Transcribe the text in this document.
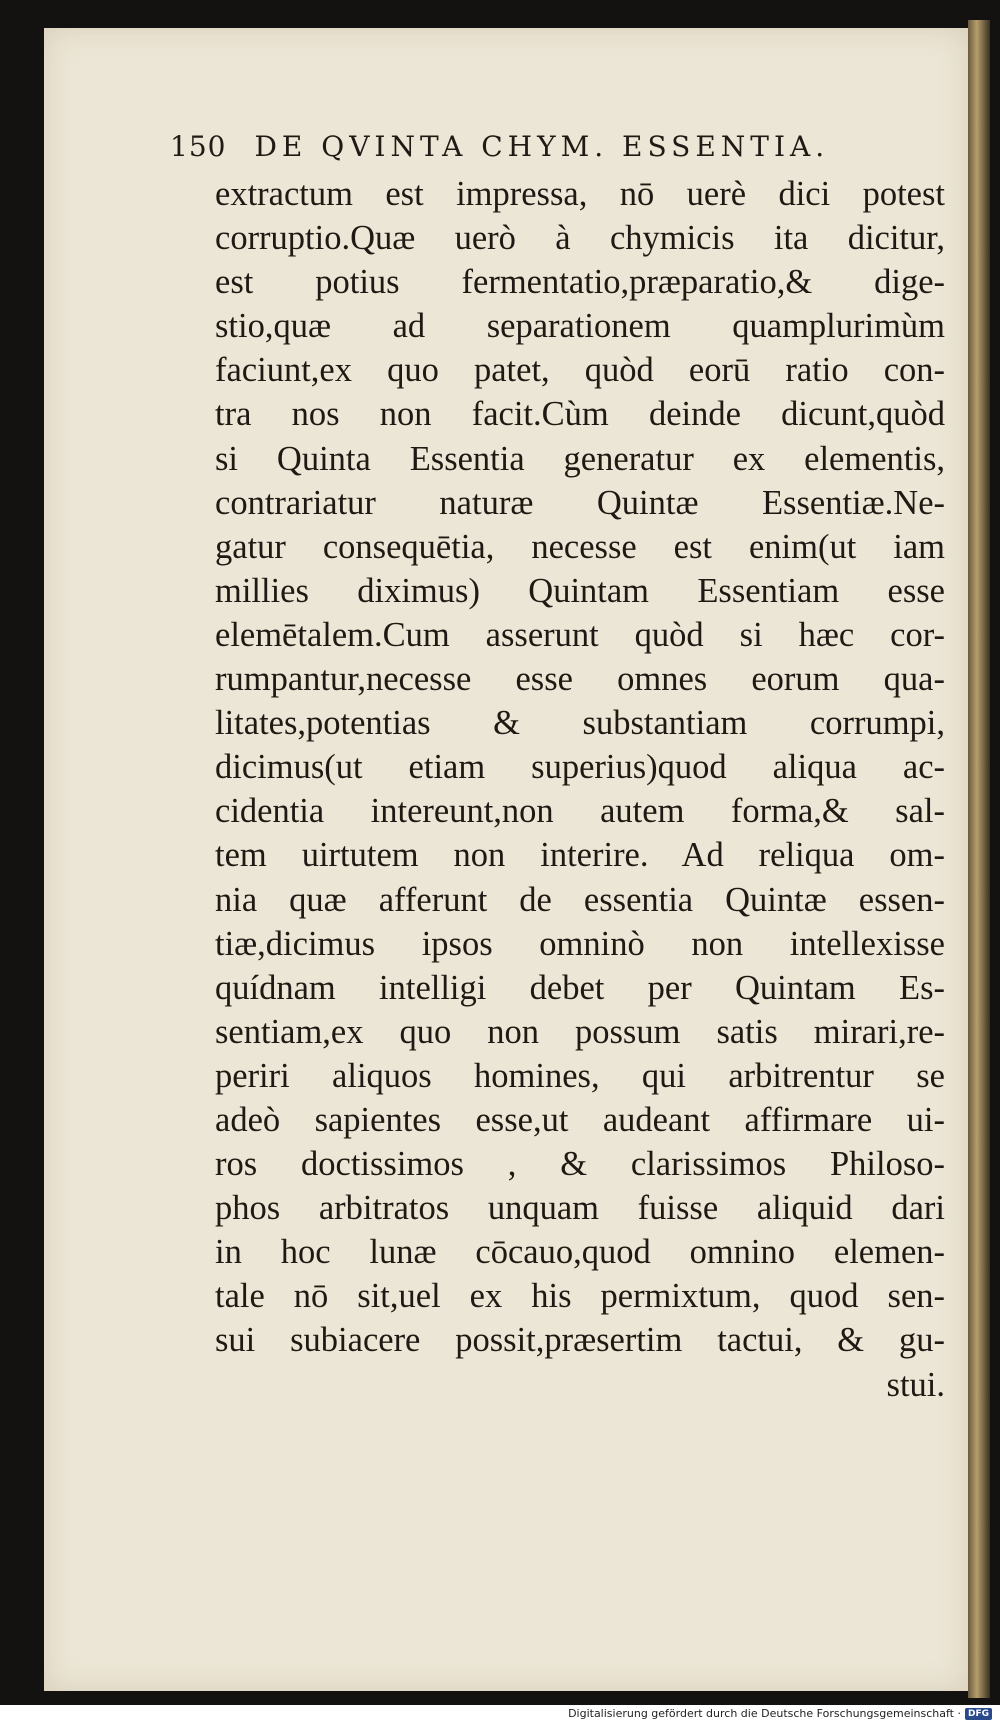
150 DE QVINTA CHYM. ESSENTIA.
extractum est impressa, nō uerè dici potest
corruptio.Quæ uerò à chymicis ita dicitur,
est potius fermentatio,præparatio,& dige-
stio,quæ ad separationem quamplurimùm
faciunt,ex quo patet, quòd eorū ratio con-
tra nos non facit.Cùm deinde dicunt,quòd
si Quinta Essentia generatur ex elementis,
contrariatur naturæ Quintæ Essentiæ.Ne-
gatur consequētia, necesse est enim(ut iam
millies diximus) Quintam Essentiam esse
elemētalem.Cum asserunt quòd si hæc cor-
rumpantur,necesse esse omnes eorum qua-
litates,potentias & substantiam corrumpi,
dicimus(ut etiam superius)quod aliqua ac-
cidentia intereunt,non autem forma,& sal-
tem uirtutem non interire. Ad reliqua om-
nia quæ afferunt de essentia Quintæ essen-
tiæ,dicimus ipsos omninò non intellexisse
quídnam intelligi debet per Quintam Es-
sentiam,ex quo non possum satis mirari,re-
periri aliquos homines, qui arbitrentur se
adeò sapientes esse,ut audeant affirmare ui-
ros doctissimos , & clarissimos Philoso-
phos arbitratos unquam fuisse aliquid dari
in hoc lunæ cōcauo,quod omnino elemen-
tale nō sit,uel ex his permixtum, quod sen-
sui subiacere possit,præsertim tactui, & gu-
stui.
Digitalisierung gefördert durch die Deutsche Forschungsgemeinschaft · DFG
